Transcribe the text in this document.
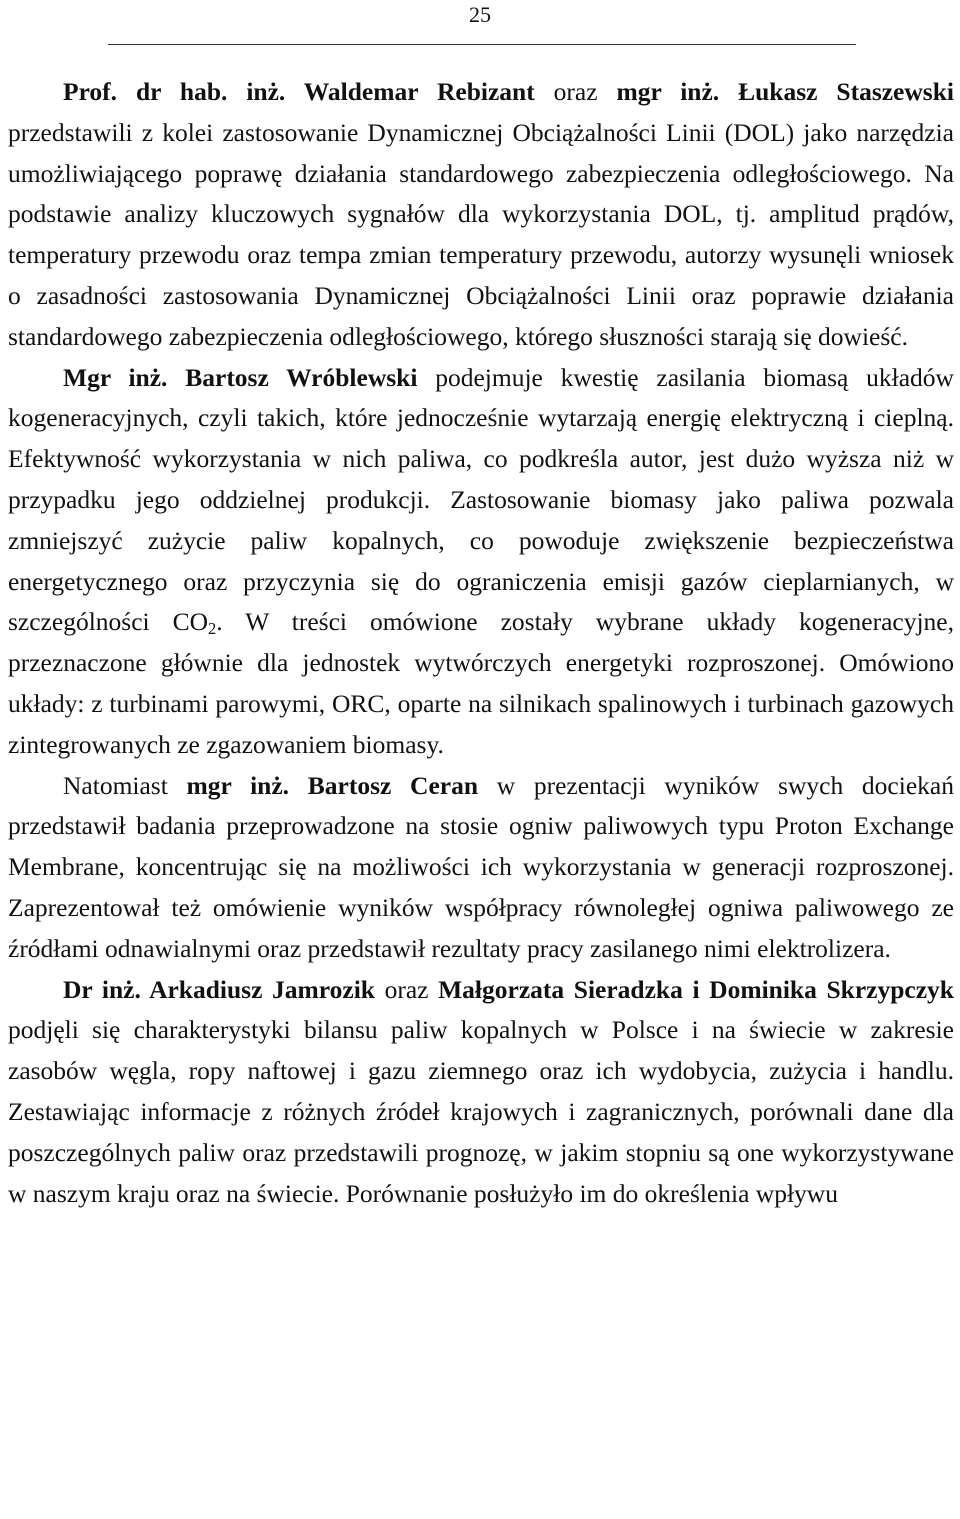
25

Prof. dr hab. inż. Waldemar Rebizant oraz mgr inż. Łukasz Staszewski przedstawili z kolei zastosowanie Dynamicznej Obciążalności Linii (DOL) jako narzędzia umożliwiającego poprawę działania standardowego zabezpieczenia odległościowego. Na podstawie analizy kluczowych sygnałów dla wykorzystania DOL, tj. amplitud prądów, temperatury przewodu oraz tempa zmian temperatury przewodu, autorzy wysunęli wniosek o zasadności zastosowania Dynamicznej Obciążalności Linii oraz poprawie działania standardowego zabezpieczenia odległościowego, którego słuszności starają się dowieść.

Mgr inż. Bartosz Wróblewski podejmuje kwestię zasilania biomasą układów kogeneracyjnych, czyli takich, które jednocześnie wytarzają energię elektryczną i cieplną. Efektywność wykorzystania w nich paliwa, co podkreśla autor, jest dużo wyższa niż w przypadku jego oddzielnej produkcji. Zastosowanie biomasy jako paliwa pozwala zmniejszyć zużycie paliw kopalnych, co powoduje zwiększenie bezpieczeństwa energetycznego oraz przyczynia się do ograniczenia emisji gazów cieplarnianych, w szczególności $CO_2$. W treści omówione zostały wybrane układy kogeneracyjne, przeznaczone głównie dla jednostek wytwórczych energetyki rozproszonej. Omówiono układy: z turbinami parowymi, ORC, oparte na silnikach spalinowych i turbinach gazowych zintegrowanych ze zgazowaniem biomasy.

Natomiast mgr inż. Bartosz Ceran w prezentacji wyników swych dociekań przedstawił badania przeprowadzone na stosie ogniw paliwowych typu Proton Exchange Membrane, koncentrując się na możliwości ich wykorzystania w generacji rozproszonej. Zaprezentował też omówienie wyników współpracy równoległej ogniwa paliwowego ze źródłami odnawialnymi oraz przedstawił rezultaty pracy zasilanego nimi elektrolizera.

Dr inż. Arkadiusz Jamrozik oraz Małgorzata Sieradzka i Dominika Skrzypczyk podjęli się charakterystyki bilansu paliw kopalnych w Polsce i na świecie w zakresie zasobów węgla, ropy naftowej i gazu ziemnego oraz ich wydobycia, zużycia i handlu. Zestawiając informacje z różnych źródeł krajowych i zagranicznych, porównali dane dla poszczególnych paliw oraz przedstawili prognozę, w jakim stopniu są one wykorzystywane w naszym kraju oraz na świecie. Porównanie posłużyło im do określenia wpływu
